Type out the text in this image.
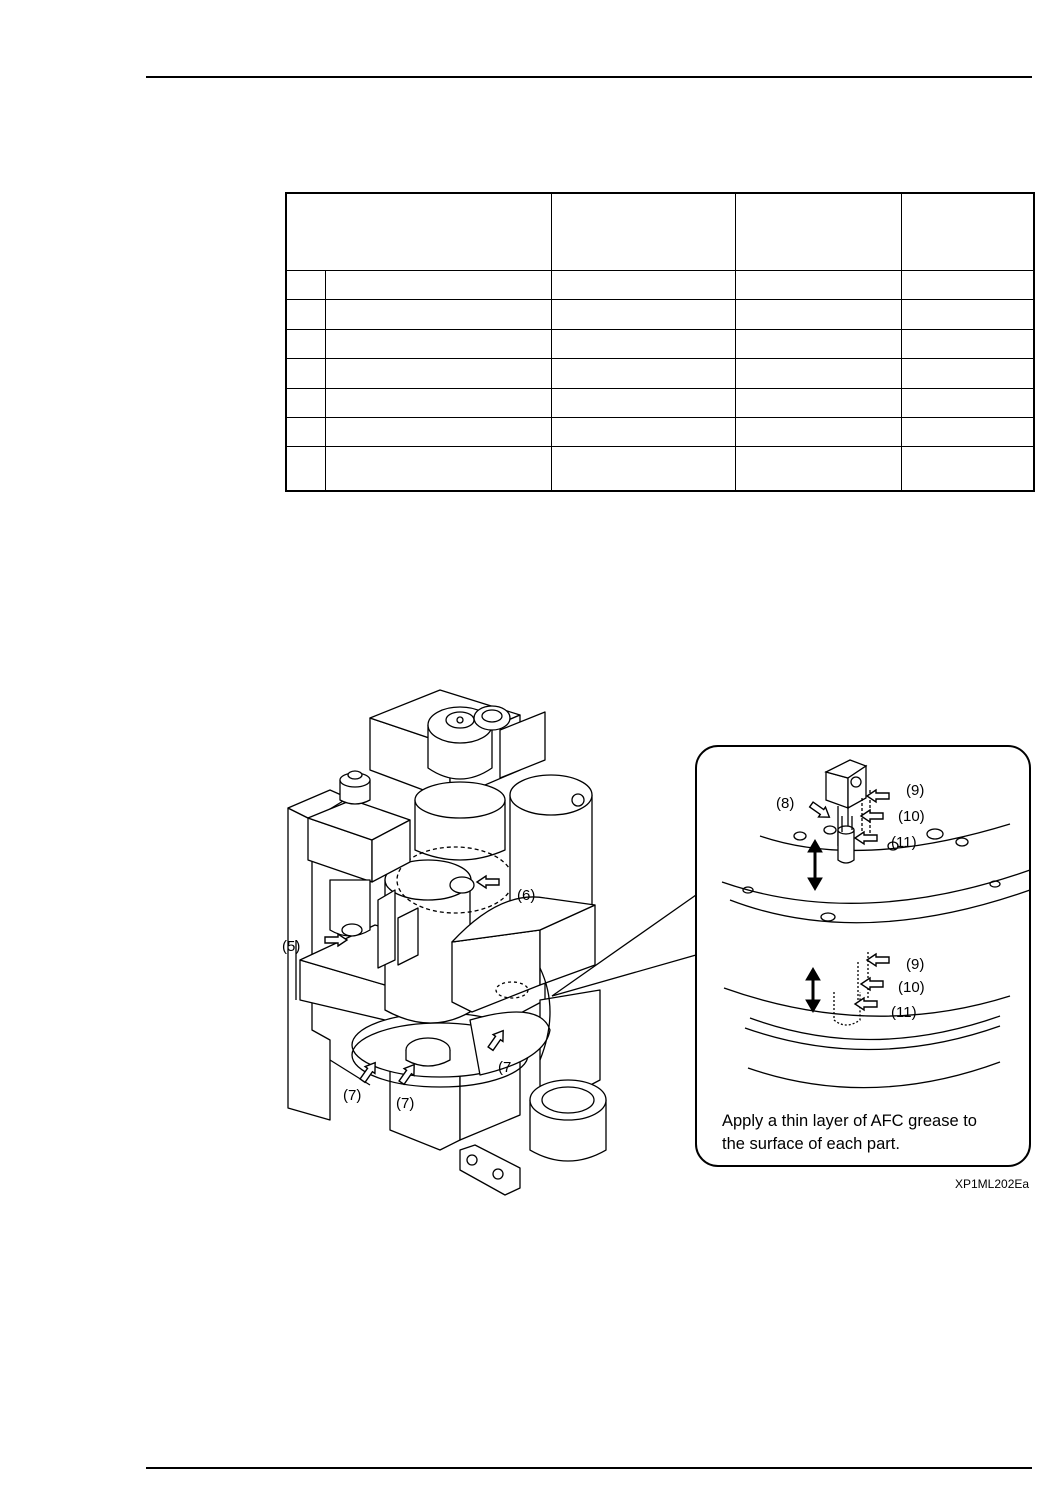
(5)
(6)
(7) (7)
(7
(8)
(9)
(10)
(11)
(9)
(10)
(11)
Apply a thin layer of AFC grease to
the surface of each part.
XP1ML202Ea
